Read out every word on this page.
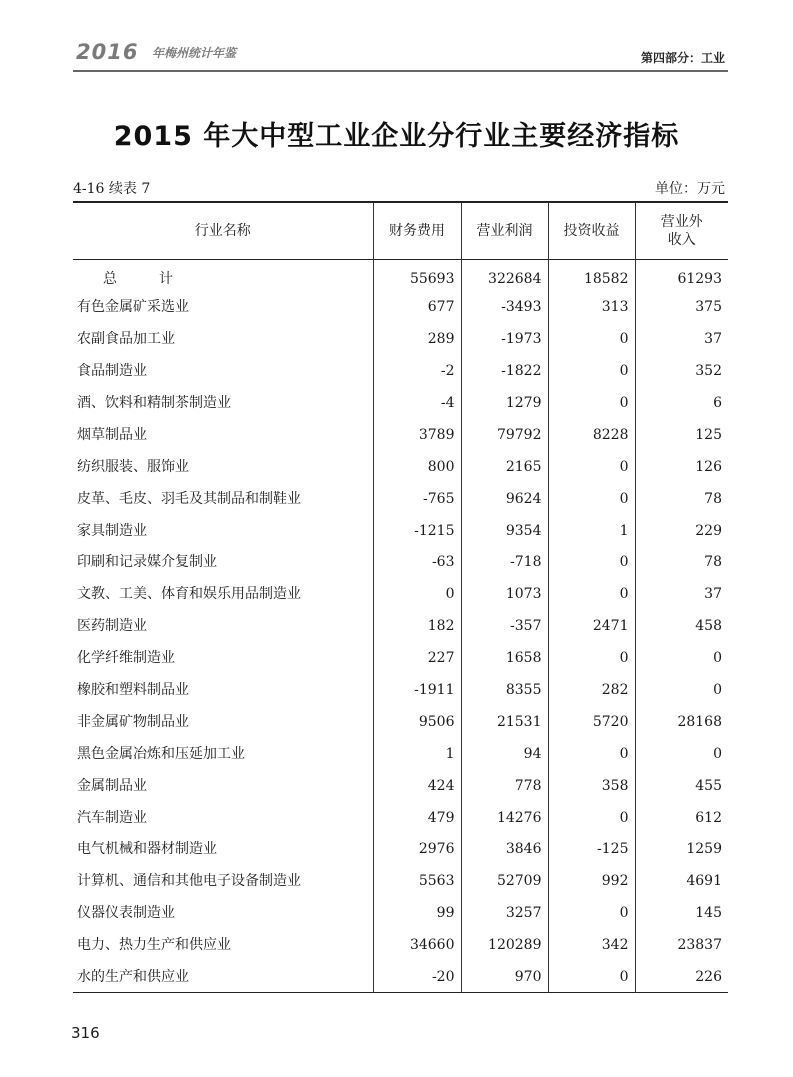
2016 年梅州统计年鉴	第四部分：工业
2015 年大中型工业企业分行业主要经济指标
4-16 续表 7	单位：万元
行业名称	财务费用	营业利润	投资收益	营业外
收入
总　计	55693	322684	18582	61293
有色金属矿采选业	677	-3493	313	375
农副食品加工业	289	-1973	0	37
食品制造业	-2	-1822	0	352
酒、饮料和精制茶制造业	-4	1279	0	6
烟草制品业	3789	79792	8228	125
纺织服装、服饰业	800	2165	0	126
皮革、毛皮、羽毛及其制品和制鞋业	-765	9624	0	78
家具制造业	-1215	9354	1	229
印刷和记录媒介复制业	-63	-718	0	78
文教、工美、体育和娱乐用品制造业	0	1073	0	37
医药制造业	182	-357	2471	458
化学纤维制造业	227	1658	0	0
橡胶和塑料制品业	-1911	8355	282	0
非金属矿物制品业	9506	21531	5720	28168
黑色金属冶炼和压延加工业	1	94	0	0
金属制品业	424	778	358	455
汽车制造业	479	14276	0	612
电气机械和器材制造业	2976	3846	-125	1259
计算机、通信和其他电子设备制造业	5563	52709	992	4691
仪器仪表制造业	99	3257	0	145
电力、热力生产和供应业	34660	120289	342	23837
水的生产和供应业	-20	970	0	226
316
